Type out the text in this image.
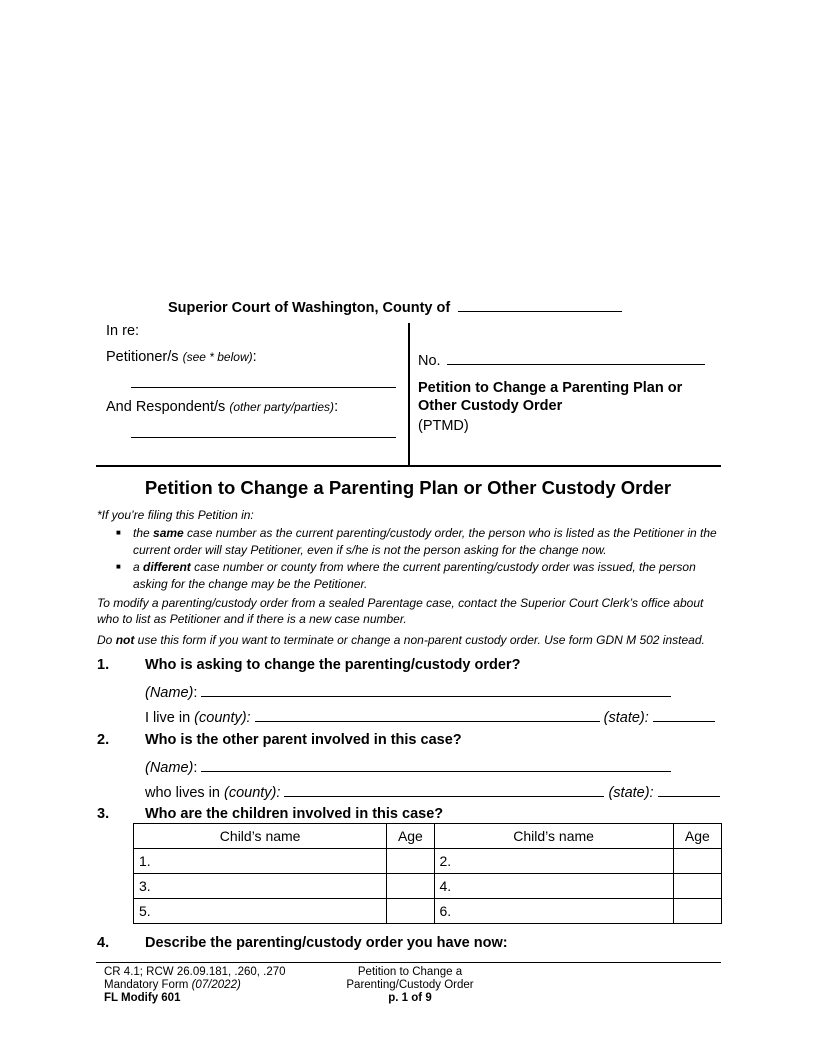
Superior Court of Washington, County of
In re:
Petitioner/s (see * below):
And Respondent/s (other party/parties):
No.
Petition to Change a Parenting Plan or
Other Custody Order
(PTMD)
Petition to Change a Parenting Plan or Other Custody Order
*If you’re filing this Petition in:
■ the same case number as the current parenting/custody order, the person who is listed as the Petitioner in the
current order will stay Petitioner, even if s/he is not the person asking for the change now.
■ a different case number or county from where the current parenting/custody order was issued, the person
asking for the change may be the Petitioner.
To modify a parenting/custody order from a sealed Parentage case, contact the Superior Court Clerk’s office about
who to list as Petitioner and if there is a new case number.
Do not use this form if you want to terminate or change a non-parent custody order. Use form GDN M 502 instead.
1. Who is asking to change the parenting/custody order?
(Name):
I live in (county):	(state):
2. Who is the other parent involved in this case?
(Name):
who lives in (county):	(state):
3. Who are the children involved in this case?
Child’s name	Age	Child’s name	Age
1.		2.	
3.		4.	
5.		6.	
4. Describe the parenting/custody order you have now:
CR 4.1; RCW 26.09.181, .260, .270
Mandatory Form (07/2022)
FL Modify 601
Petition to Change a
Parenting/Custody Order
p. 1 of 9
